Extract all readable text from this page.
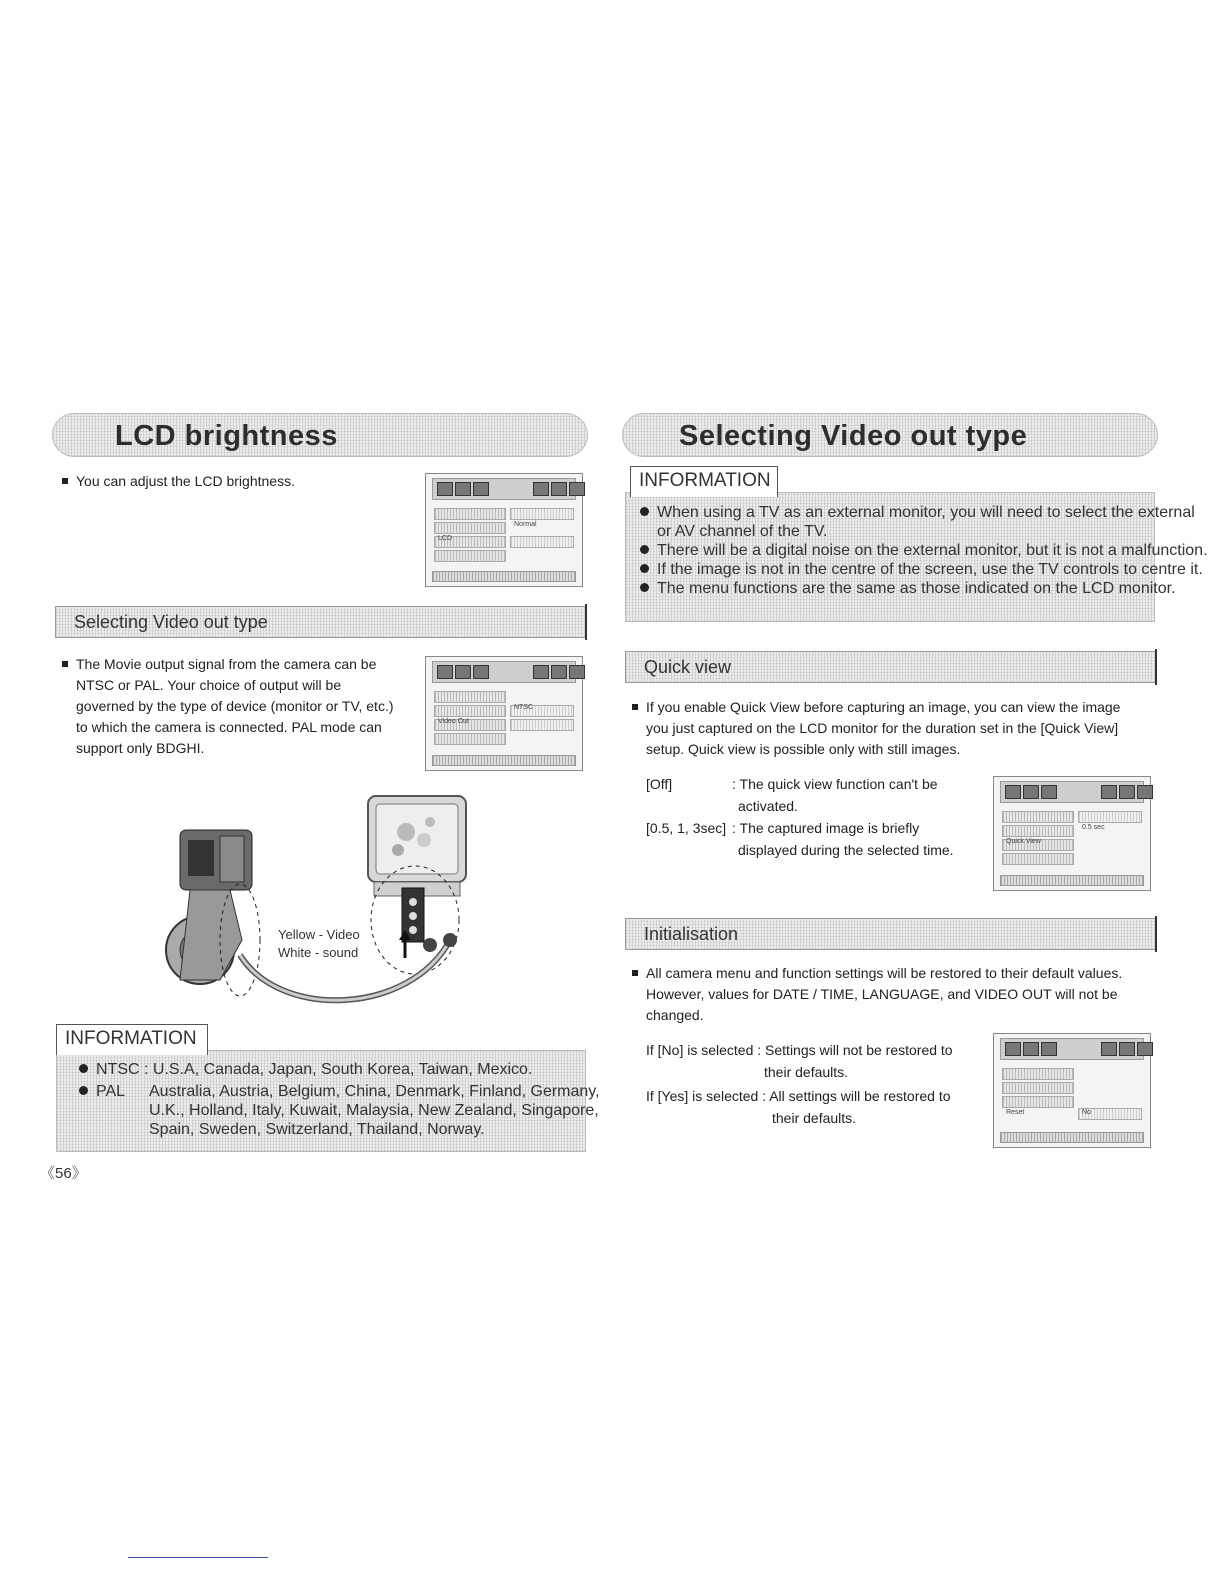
LCD brightness
You can adjust the LCD brightness.
Normal
LCD
Selecting Video out type
The Movie output signal from the camera can be
NTSC or PAL. Your choice of output will be
governed by the type of device (monitor or TV, etc.)
to which the camera is connected. PAL mode can
support only BDGHI.
NTSC
Video Out
Yellow - Video
White - sound
NTSC : U.S.A, Canada, Japan, South Korea, Taiwan, Mexico.
PAL Australia, Austria, Belgium, China, Denmark, Finland, Germany,
U.K., Holland, Italy, Kuwait, Malaysia, New Zealand, Singapore,
Spain, Sweden, Switzerland, Thailand, Norway.
INFORMATION
《56》
Selecting Video out type
When using a TV as an external monitor, you will need to select the external
or AV channel of the TV.
There will be a digital noise on the external monitor, but it is not a malfunction.
If the image is not in the centre of the screen, use the TV controls to centre it.
The menu functions are the same as those indicated on the LCD monitor.
INFORMATION
Quick view
If you enable Quick View before capturing an image, you can view the image
you just captured on the LCD monitor for the duration set in the [Quick View]
setup. Quick view is possible only with still images.
[Off]	: The quick view function can't be
activated.
[0.5, 1, 3sec] : The captured image is briefly
displayed during the selected time.
0.5 sec
Quick View
Initialisation
All camera menu and function settings will be restored to their default values.
However, values for DATE / TIME, LANGUAGE, and VIDEO OUT will not be
changed.
If [No] is selected : Settings will not be restored to
their defaults.
If [Yes] is selected : All settings will be restored to
their defaults.	Reset	No
